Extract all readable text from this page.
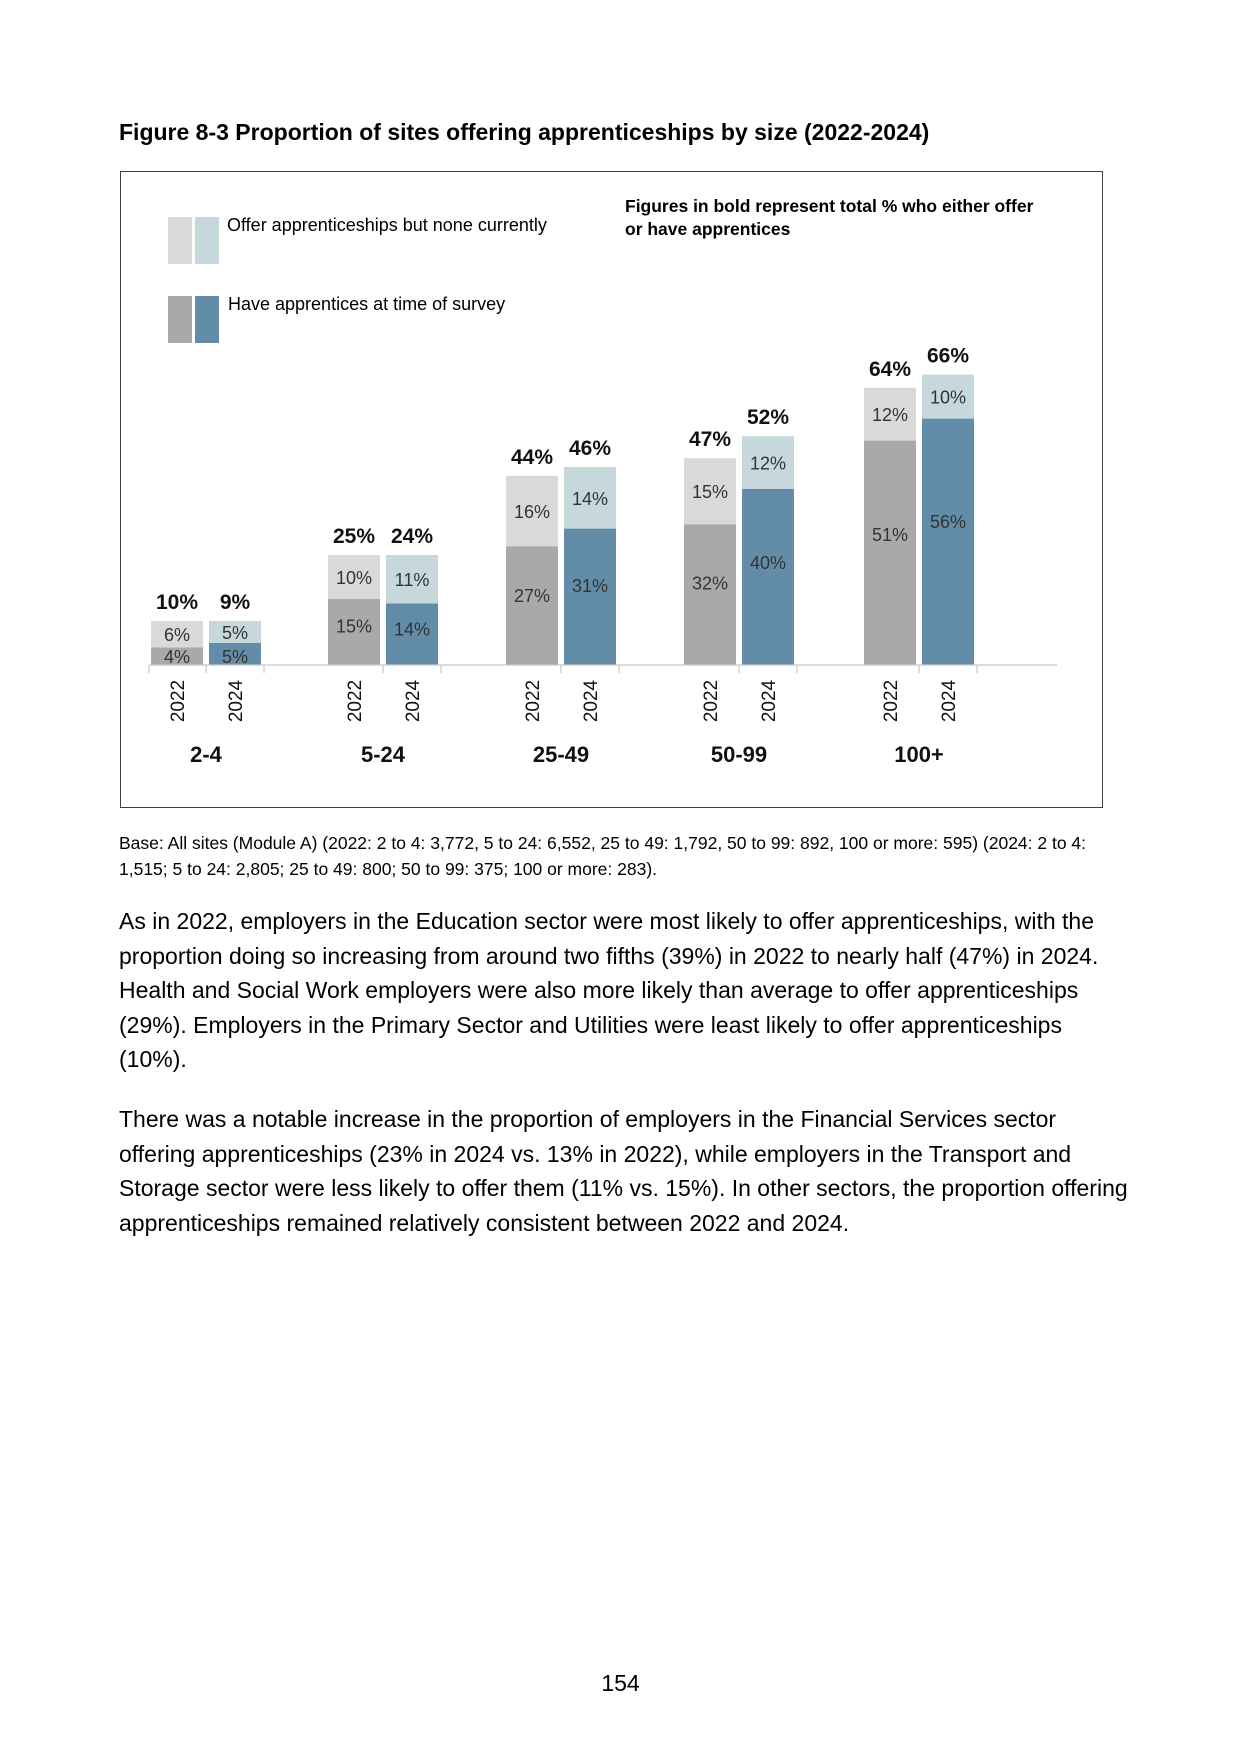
Figure 8-3 Proportion of sites offering apprenticeships by size (2022-2024)
Offer apprenticeships but none currently
Have apprentices at time of survey
Figures in bold represent total % who either offer or have apprentices
4%
6%
10%
2022
5%
5%
9%
2024
2-4
15%
10%
25%
2022
14%
11%
24%
2024
5-24
27%
16%
44%
2022
31%
14%
46%
2024
25-49
32%
15%
47%
2022
40%
12%
52%
2024
50-99
51%
12%
64%
2022
56%
10%
66%
2024
100+

Base: All sites (Module A) (2022: 2 to 4: 3,772, 5 to 24: 6,552, 25 to 49: 1,792, 50 to 99: 892, 100 or more: 595) (2024: 2 to 4: 1,515; 5 to 24: 2,805; 25 to 49: 800; 50 to 99: 375; 100 or more: 283).

As in 2022, employers in the Education sector were most likely to offer apprenticeships, with the proportion doing so increasing from around two fifths (39%) in 2022 to nearly half (47%) in 2024. Health and Social Work employers were also more likely than average to offer apprenticeships (29%). Employers in the Primary Sector and Utilities were least likely to offer apprenticeships (10%).

There was a notable increase in the proportion of employers in the Financial Services sector offering apprenticeships (23% in 2024 vs. 13% in 2022), while employers in the Transport and Storage sector were less likely to offer them (11% vs. 15%). In other sectors, the proportion offering apprenticeships remained relatively consistent between 2022 and 2024.

154
